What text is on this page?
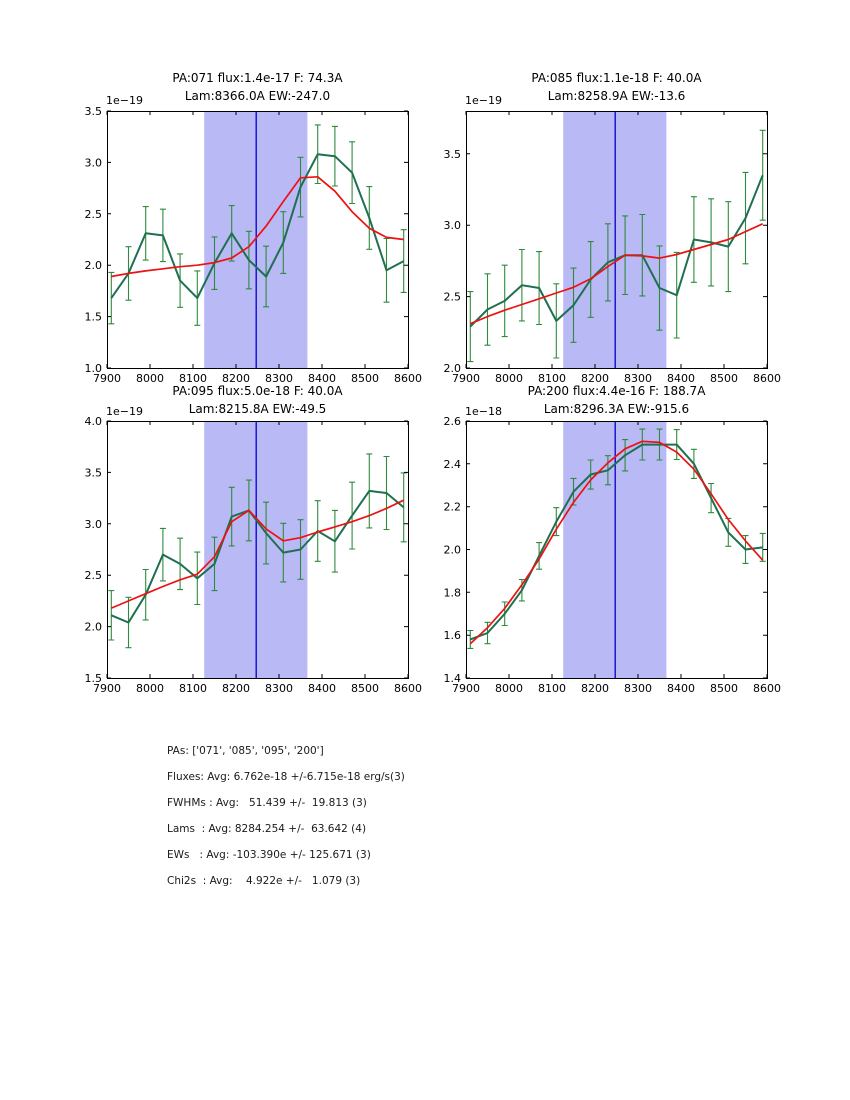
7900 8000 8100 8200 8300 8400 8500 8600
1.0
1.5
2.0
2.5
3.0
3.5
7900 8000 8100 8200 8300 8400 8500 8600
2.0
2.5
3.0
3.5
7900 8000 8100 8200 8300 8400 8500 8600
1.5
2.0
2.5
3.0
3.5
4.0
7900 8000 8100 8200 8300 8400 8500 8600
1.4
1.6
1.8
2.0
2.2
2.4
2.6
PA:071 flux:1.4e-17 F: 74.3A
Lam:8366.0A EW:-247.0
PA:085 flux:1.1e-18 F: 40.0A
Lam:8258.9A EW:-13.6
PA:095 flux:5.0e-18 F: 40.0A
Lam:8215.8A EW:-49.5
PA:200 flux:4.4e-16 F: 188.7A
Lam:8296.3A EW:-915.6
1e−19	1e−19
1e−19	1e−18
PAs: ['071', '085', '095', '200']
Fluxes: Avg: 6.762e-18 +/-6.715e-18 erg/s(3)
FWHMs : Avg:   51.439 +/-  19.813 (3)
Lams  : Avg: 8284.254 +/-  63.642 (4)
EWs   : Avg: -103.390e +/- 125.671 (3)
Chi2s  : Avg:    4.922e +/-   1.079 (3)
